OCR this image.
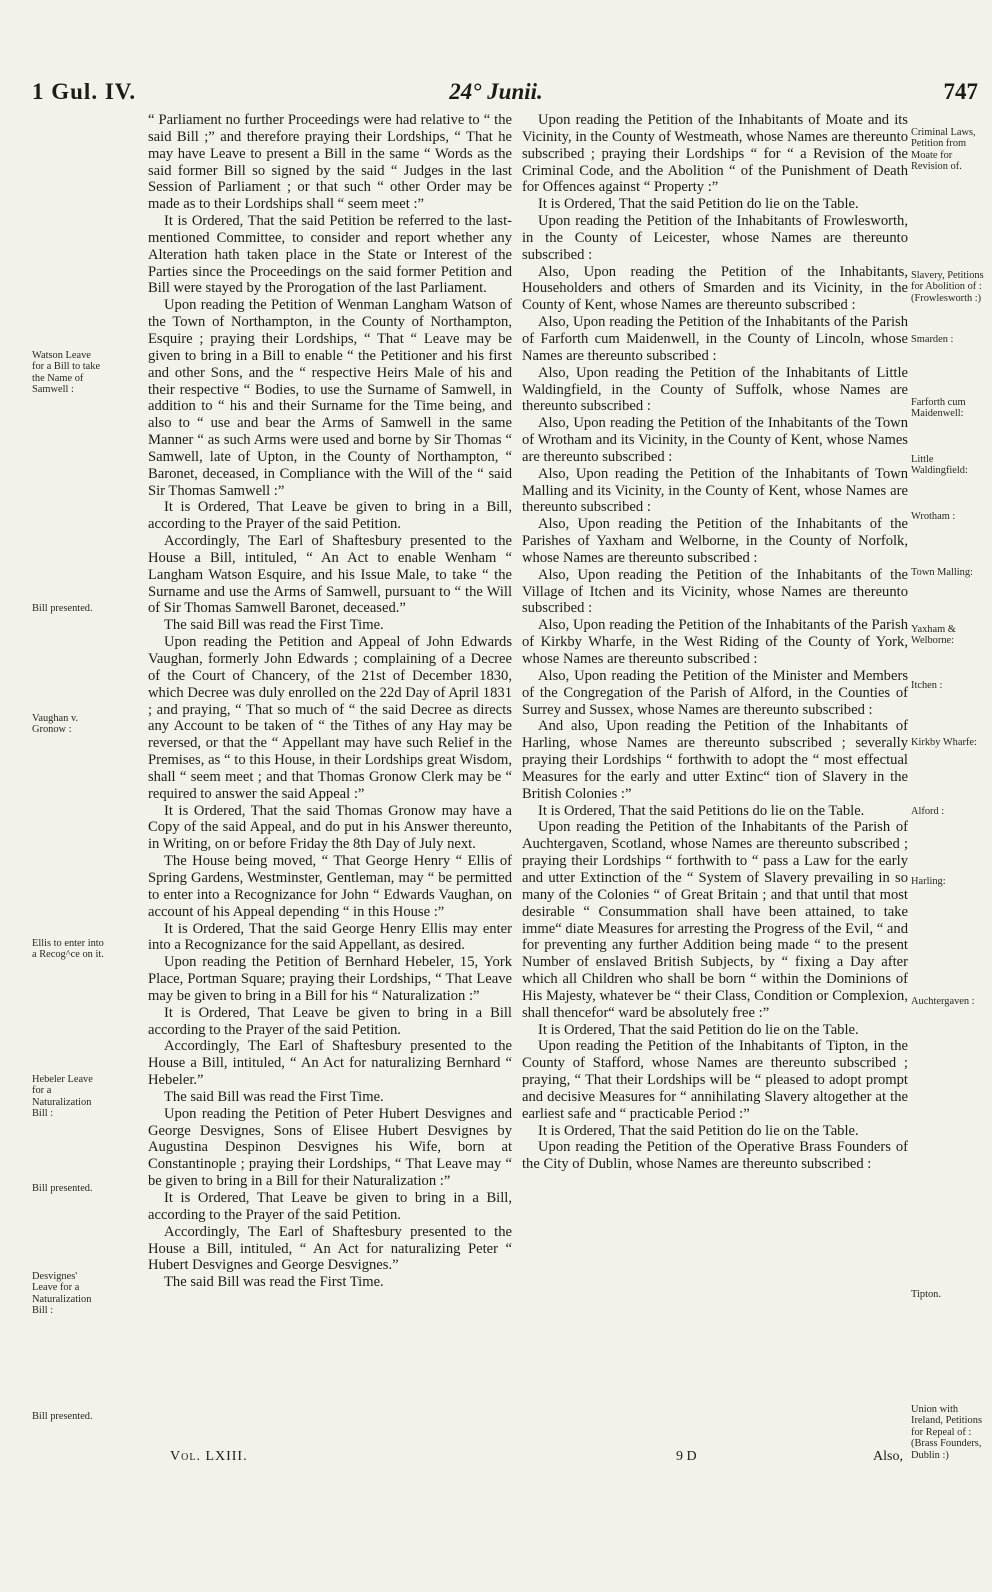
1 Gul. IV.	24° Junii.	747

“ Parliament no further Proceedings were had relative to “ the said Bill ;” and therefore praying their Lordships, “ That he may have Leave to present a Bill in the same “ Words as the said former Bill so signed by the said “ Judges in the last Session of Parliament ; or that such “ other Order may be made as to their Lordships shall “ seem meet :”

It is Ordered, That the said Petition be referred to the last-mentioned Committee, to consider and report whether any Alteration hath taken place in the State or Interest of the Parties since the Proceedings on the said former Petition and Bill were stayed by the Prorogation of the last Parliament.

Upon reading the Petition of Wenman Langham Watson of the Town of Northampton, in the County of Northampton, Esquire ; praying their Lordships, “ That “ Leave may be given to bring in a Bill to enable “ the Petitioner and his first and other Sons, and the “ respective Heirs Male of his and their respective “ Bodies, to use the Surname of Samwell, in addition to “ his and their Surname for the Time being, and also to “ use and bear the Arms of Samwell in the same Manner “ as such Arms were used and borne by Sir Thomas “ Samwell, late of Upton, in the County of Northampton, “ Baronet, deceased, in Compliance with the Will of the “ said Sir Thomas Samwell :”

It is Ordered, That Leave be given to bring in a Bill, according to the Prayer of the said Petition.

Accordingly, The Earl of Shaftesbury presented to the House a Bill, intituled, “ An Act to enable Wenham “ Langham Watson Esquire, and his Issue Male, to take “ the Surname and use the Arms of Samwell, pursuant to “ the Will of Sir Thomas Samwell Baronet, deceased.”

The said Bill was read the First Time.

Upon reading the Petition and Appeal of John Edwards Vaughan, formerly John Edwards ; complaining of a Decree of the Court of Chancery, of the 21st of December 1830, which Decree was duly enrolled on the 22d Day of April 1831 ; and praying, “ That so much of “ the said Decree as directs any Account to be taken of “ the Tithes of any Hay may be reversed, or that the “ Appellant may have such Relief in the Premises, as “ to this House, in their Lordships great Wisdom, shall “ seem meet ; and that Thomas Gronow Clerk may be “ required to answer the said Appeal :”

It is Ordered, That the said Thomas Gronow may have a Copy of the said Appeal, and do put in his Answer thereunto, in Writing, on or before Friday the 8th Day of July next.

The House being moved, “ That George Henry “ Ellis of Spring Gardens, Westminster, Gentleman, may “ be permitted to enter into a Recognizance for John “ Edwards Vaughan, on account of his Appeal depending “ in this House :”

It is Ordered, That the said George Henry Ellis may enter into a Recognizance for the said Appellant, as desired.

Upon reading the Petition of Bernhard Hebeler, 15, York Place, Portman Square; praying their Lordships, “ That Leave may be given to bring in a Bill for his “ Naturalization :”

It is Ordered, That Leave be given to bring in a Bill according to the Prayer of the said Petition.

Accordingly, The Earl of Shaftesbury presented to the House a Bill, intituled, “ An Act for naturalizing Bernhard “ Hebeler.”

The said Bill was read the First Time.

Upon reading the Petition of Peter Hubert Desvignes and George Desvignes, Sons of Elisee Hubert Desvignes by Augustina Despinon Desvignes his Wife, born at Constantinople ; praying their Lordships, “ That Leave may “ be given to bring in a Bill for their Naturalization :”

It is Ordered, That Leave be given to bring in a Bill, according to the Prayer of the said Petition.

Accordingly, The Earl of Shaftesbury presented to the House a Bill, intituled, “ An Act for naturalizing Peter “ Hubert Desvignes and George Desvignes.”

The said Bill was read the First Time.

Upon reading the Petition of the Inhabitants of Moate and its Vicinity, in the County of Westmeath, whose Names are thereunto subscribed ; praying their Lordships “ for “ a Revision of the Criminal Code, and the Abolition “ of the Punishment of Death for Offences against “ Property :”

It is Ordered, That the said Petition do lie on the Table.

Upon reading the Petition of the Inhabitants of Frowlesworth, in the County of Leicester, whose Names are thereunto subscribed :

Also, Upon reading the Petition of the Inhabitants, Householders and others of Smarden and its Vicinity, in the County of Kent, whose Names are thereunto subscribed :

Also, Upon reading the Petition of the Inhabitants of the Parish of Farforth cum Maidenwell, in the County of Lincoln, whose Names are thereunto subscribed :

Also, Upon reading the Petition of the Inhabitants of Little Waldingfield, in the County of Suffolk, whose Names are thereunto subscribed :

Also, Upon reading the Petition of the Inhabitants of the Town of Wrotham and its Vicinity, in the County of Kent, whose Names are thereunto subscribed :

Also, Upon reading the Petition of the Inhabitants of Town Malling and its Vicinity, in the County of Kent, whose Names are thereunto subscribed :

Also, Upon reading the Petition of the Inhabitants of the Parishes of Yaxham and Welborne, in the County of Norfolk, whose Names are thereunto subscribed :

Also, Upon reading the Petition of the Inhabitants of the Village of Itchen and its Vicinity, whose Names are thereunto subscribed :

Also, Upon reading the Petition of the Inhabitants of the Parish of Kirkby Wharfe, in the West Riding of the County of York, whose Names are thereunto subscribed :

Also, Upon reading the Petition of the Minister and Members of the Congregation of the Parish of Alford, in the Counties of Surrey and Sussex, whose Names are thereunto subscribed :

And also, Upon reading the Petition of the Inhabitants of Harling, whose Names are thereunto subscribed ; severally praying their Lordships “ forthwith to adopt the “ most effectual Measures for the early and utter Extinc“ tion of Slavery in the British Colonies :”

It is Ordered, That the said Petitions do lie on the Table.

Upon reading the Petition of the Inhabitants of the Parish of Auchtergaven, Scotland, whose Names are thereunto subscribed ; praying their Lordships “ forthwith to “ pass a Law for the early and utter Extinction of the “ System of Slavery prevailing in so many of the Colonies “ of Great Britain ; and that until that most desirable “ Consummation shall have been attained, to take imme“ diate Measures for arresting the Progress of the Evil, “ and for preventing any further Addition being made “ to the present Number of enslaved British Subjects, by “ fixing a Day after which all Children who shall be born “ within the Dominions of His Majesty, whatever be “ their Class, Condition or Complexion, shall thencefor“ ward be absolutely free :”

It is Ordered, That the said Petition do lie on the Table.

Upon reading the Petition of the Inhabitants of Tipton, in the County of Stafford, whose Names are thereunto subscribed ; praying, “ That their Lordships will be “ pleased to adopt prompt and decisive Measures for “ annihilating Slavery altogether at the earliest safe and “ practicable Period :”

It is Ordered, That the said Petition do lie on the Table.

Upon reading the Petition of the Operative Brass Founders of the City of Dublin, whose Names are thereunto subscribed :

Watson Leave for a Bill to take the Name of Samwell :
Bill presented.
Vaughan v. Gronow :
Ellis to enter into a Recog^ce on it.
Hebeler Leave for a Naturalization Bill :
Bill presented.
Desvignes' Leave for a Naturalization Bill :
Bill presented.
Criminal Laws, Petition from Moate for Revision of.
Slavery, Petitions for Abolition of : (Frowlesworth :)
Smarden :
Farforth cum Maidenwell:
Little Waldingfield:
Wrotham :
Town Malling:
Yaxham & Welborne:
Itchen :
Kirkby Wharfe:
Alford :
Harling:
Auchtergaven :
Tipton.
Union with Ireland, Petitions for Repeal of : (Brass Founders, Dublin :)
Vol. LXIII.	9 D	Also,
